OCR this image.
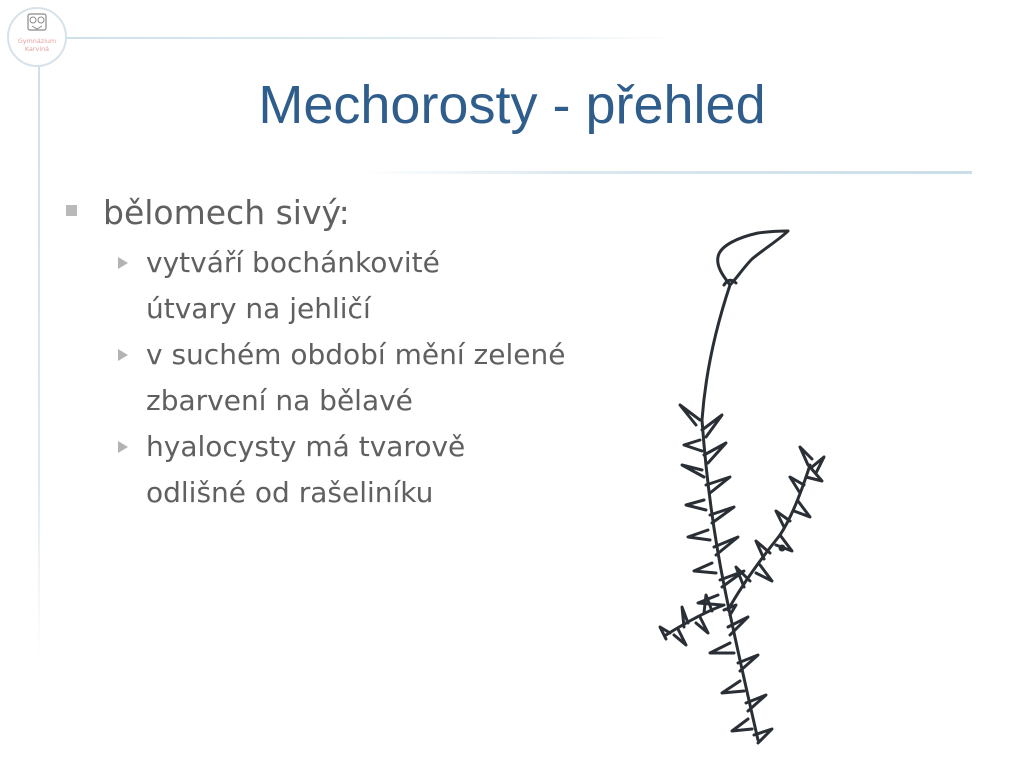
Gymnázium
Karviná
Mechorosty - přehled
bělomech sivý:
vytváří bochánkovité útvary na jehličí
v suchém období mění zelené zbarvení na bělavé
hyalocysty má tvarově odlišné od rašeliníku
